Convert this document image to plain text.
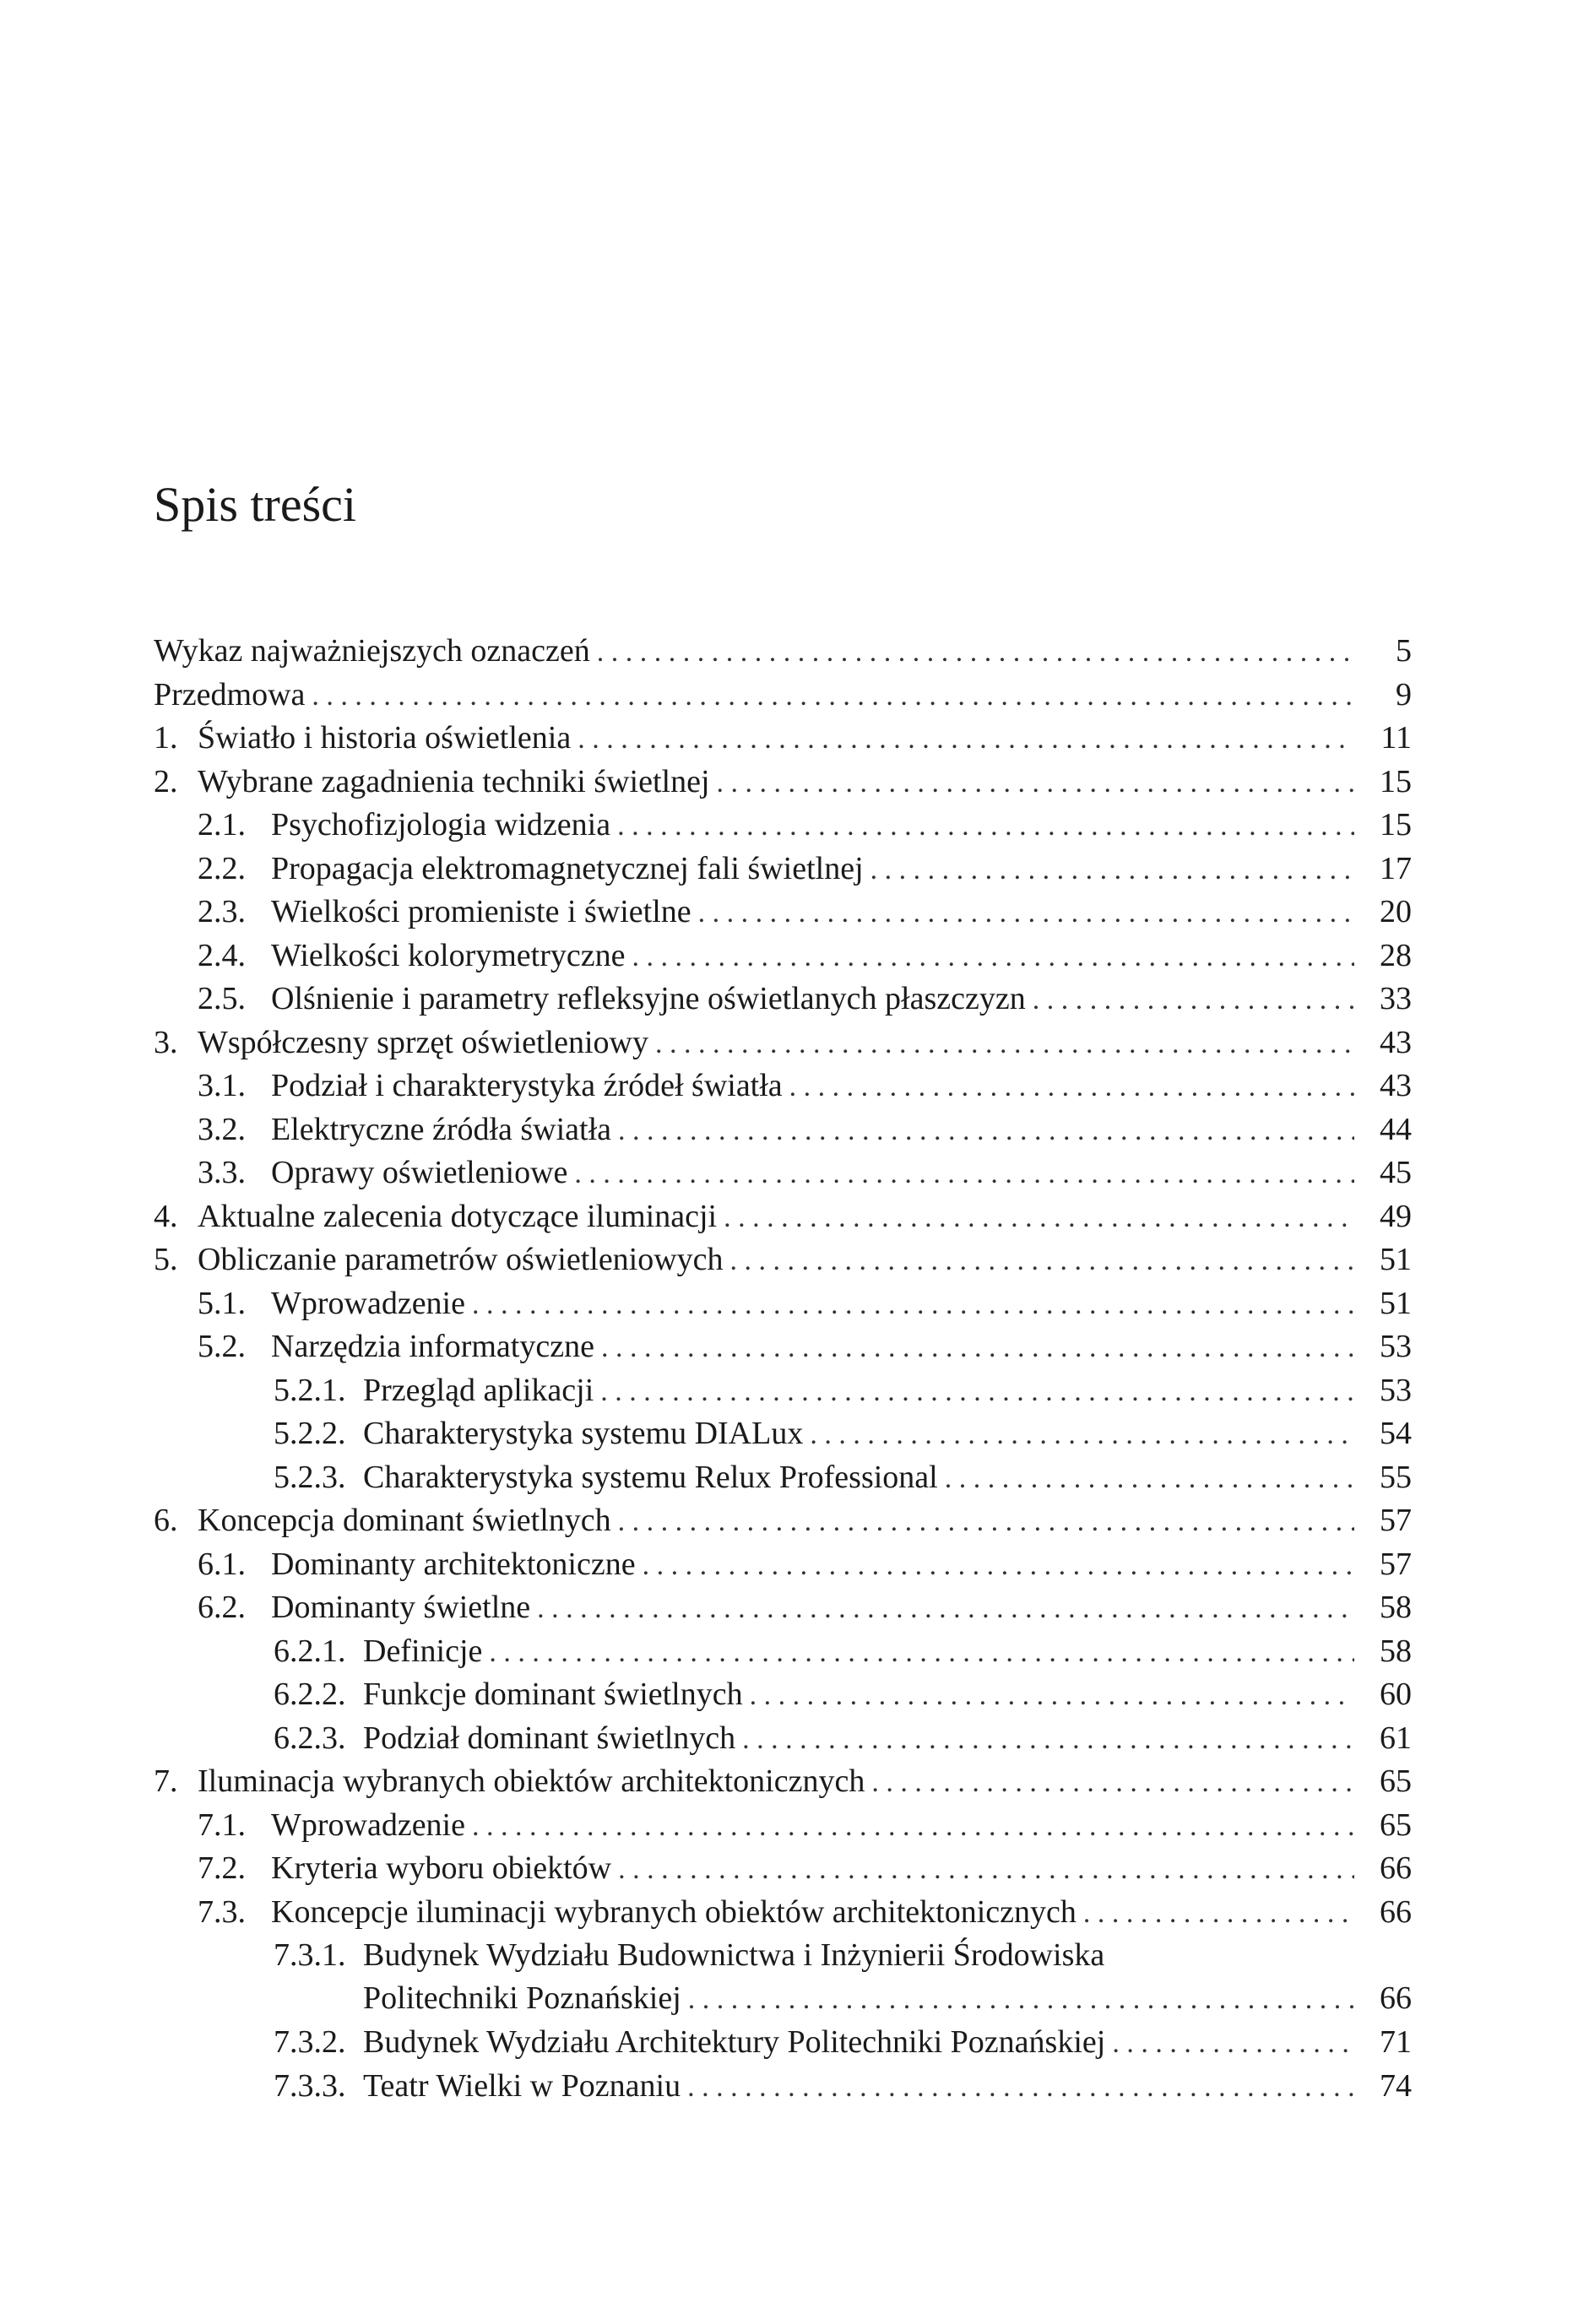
Spis treści
Wykaz najważniejszych oznaczeń . . .	5
Przedmowa . . .	9
1. Światło i historia oświetlenia . . .	11
2. Wybrane zagadnienia techniki świetlnej . . .	15
2.1. Psychofizjologia widzenia . . .	15
2.2. Propagacja elektromagnetycznej fali świetlnej . . .	17
2.3. Wielkości promieniste i świetlne . . .	20
2.4. Wielkości kolorymetryczne . . .	28
2.5. Olśnienie i parametry refleksyjne oświetlanych płaszczyzn . . .	33
3. Współczesny sprzęt oświetleniowy . . .	43
3.1. Podział i charakterystyka źródeł światła . . .	43
3.2. Elektryczne źródła światła . . .	44
3.3. Oprawy oświetleniowe . . .	45
4. Aktualne zalecenia dotyczące iluminacji . . .	49
5. Obliczanie parametrów oświetleniowych . . .	51
5.1. Wprowadzenie . . .	51
5.2. Narzędzia informatyczne . . .	53
5.2.1. Przegląd aplikacji . . .	53
5.2.2. Charakterystyka systemu DIALux . . .	54
5.2.3. Charakterystyka systemu Relux Professional . . .	55
6. Koncepcja dominant świetlnych . . .	57
6.1. Dominanty architektoniczne . . .	57
6.2. Dominanty świetlne . . .	58
6.2.1. Definicje . . .	58
6.2.2. Funkcje dominant świetlnych . . .	60
6.2.3. Podział dominant świetlnych . . .	61
7. Iluminacja wybranych obiektów architektonicznych . . .	65
7.1. Wprowadzenie . . .	65
7.2. Kryteria wyboru obiektów . . .	66
7.3. Koncepcje iluminacji wybranych obiektów architektonicznych . . .	66
7.3.1. Budynek Wydziału Budownictwa i Inżynierii Środowiska
Politechniki Poznańskiej . . .	66
7.3.2. Budynek Wydziału Architektury Politechniki Poznańskiej . . .	71
7.3.3. Teatr Wielki w Poznaniu . . .	74
